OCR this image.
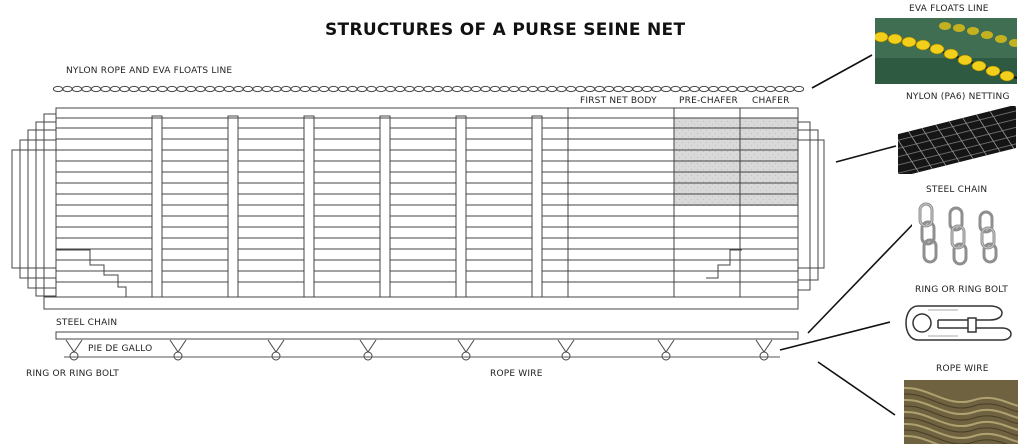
STRUCTURES OF A PURSE SEINE NET
NYLON ROPE AND EVA FLOATS LINE
FIRST NET BODY PRE-CHAFER CHAFER
STEEL CHAIN
PIE DE GALLO
RING OR RING BOLT	ROPE WIRE
EVA FLOATS LINE
NYLON (PA6) NETTING
STEEL CHAIN
RING OR RING BOLT
ROPE WIRE
